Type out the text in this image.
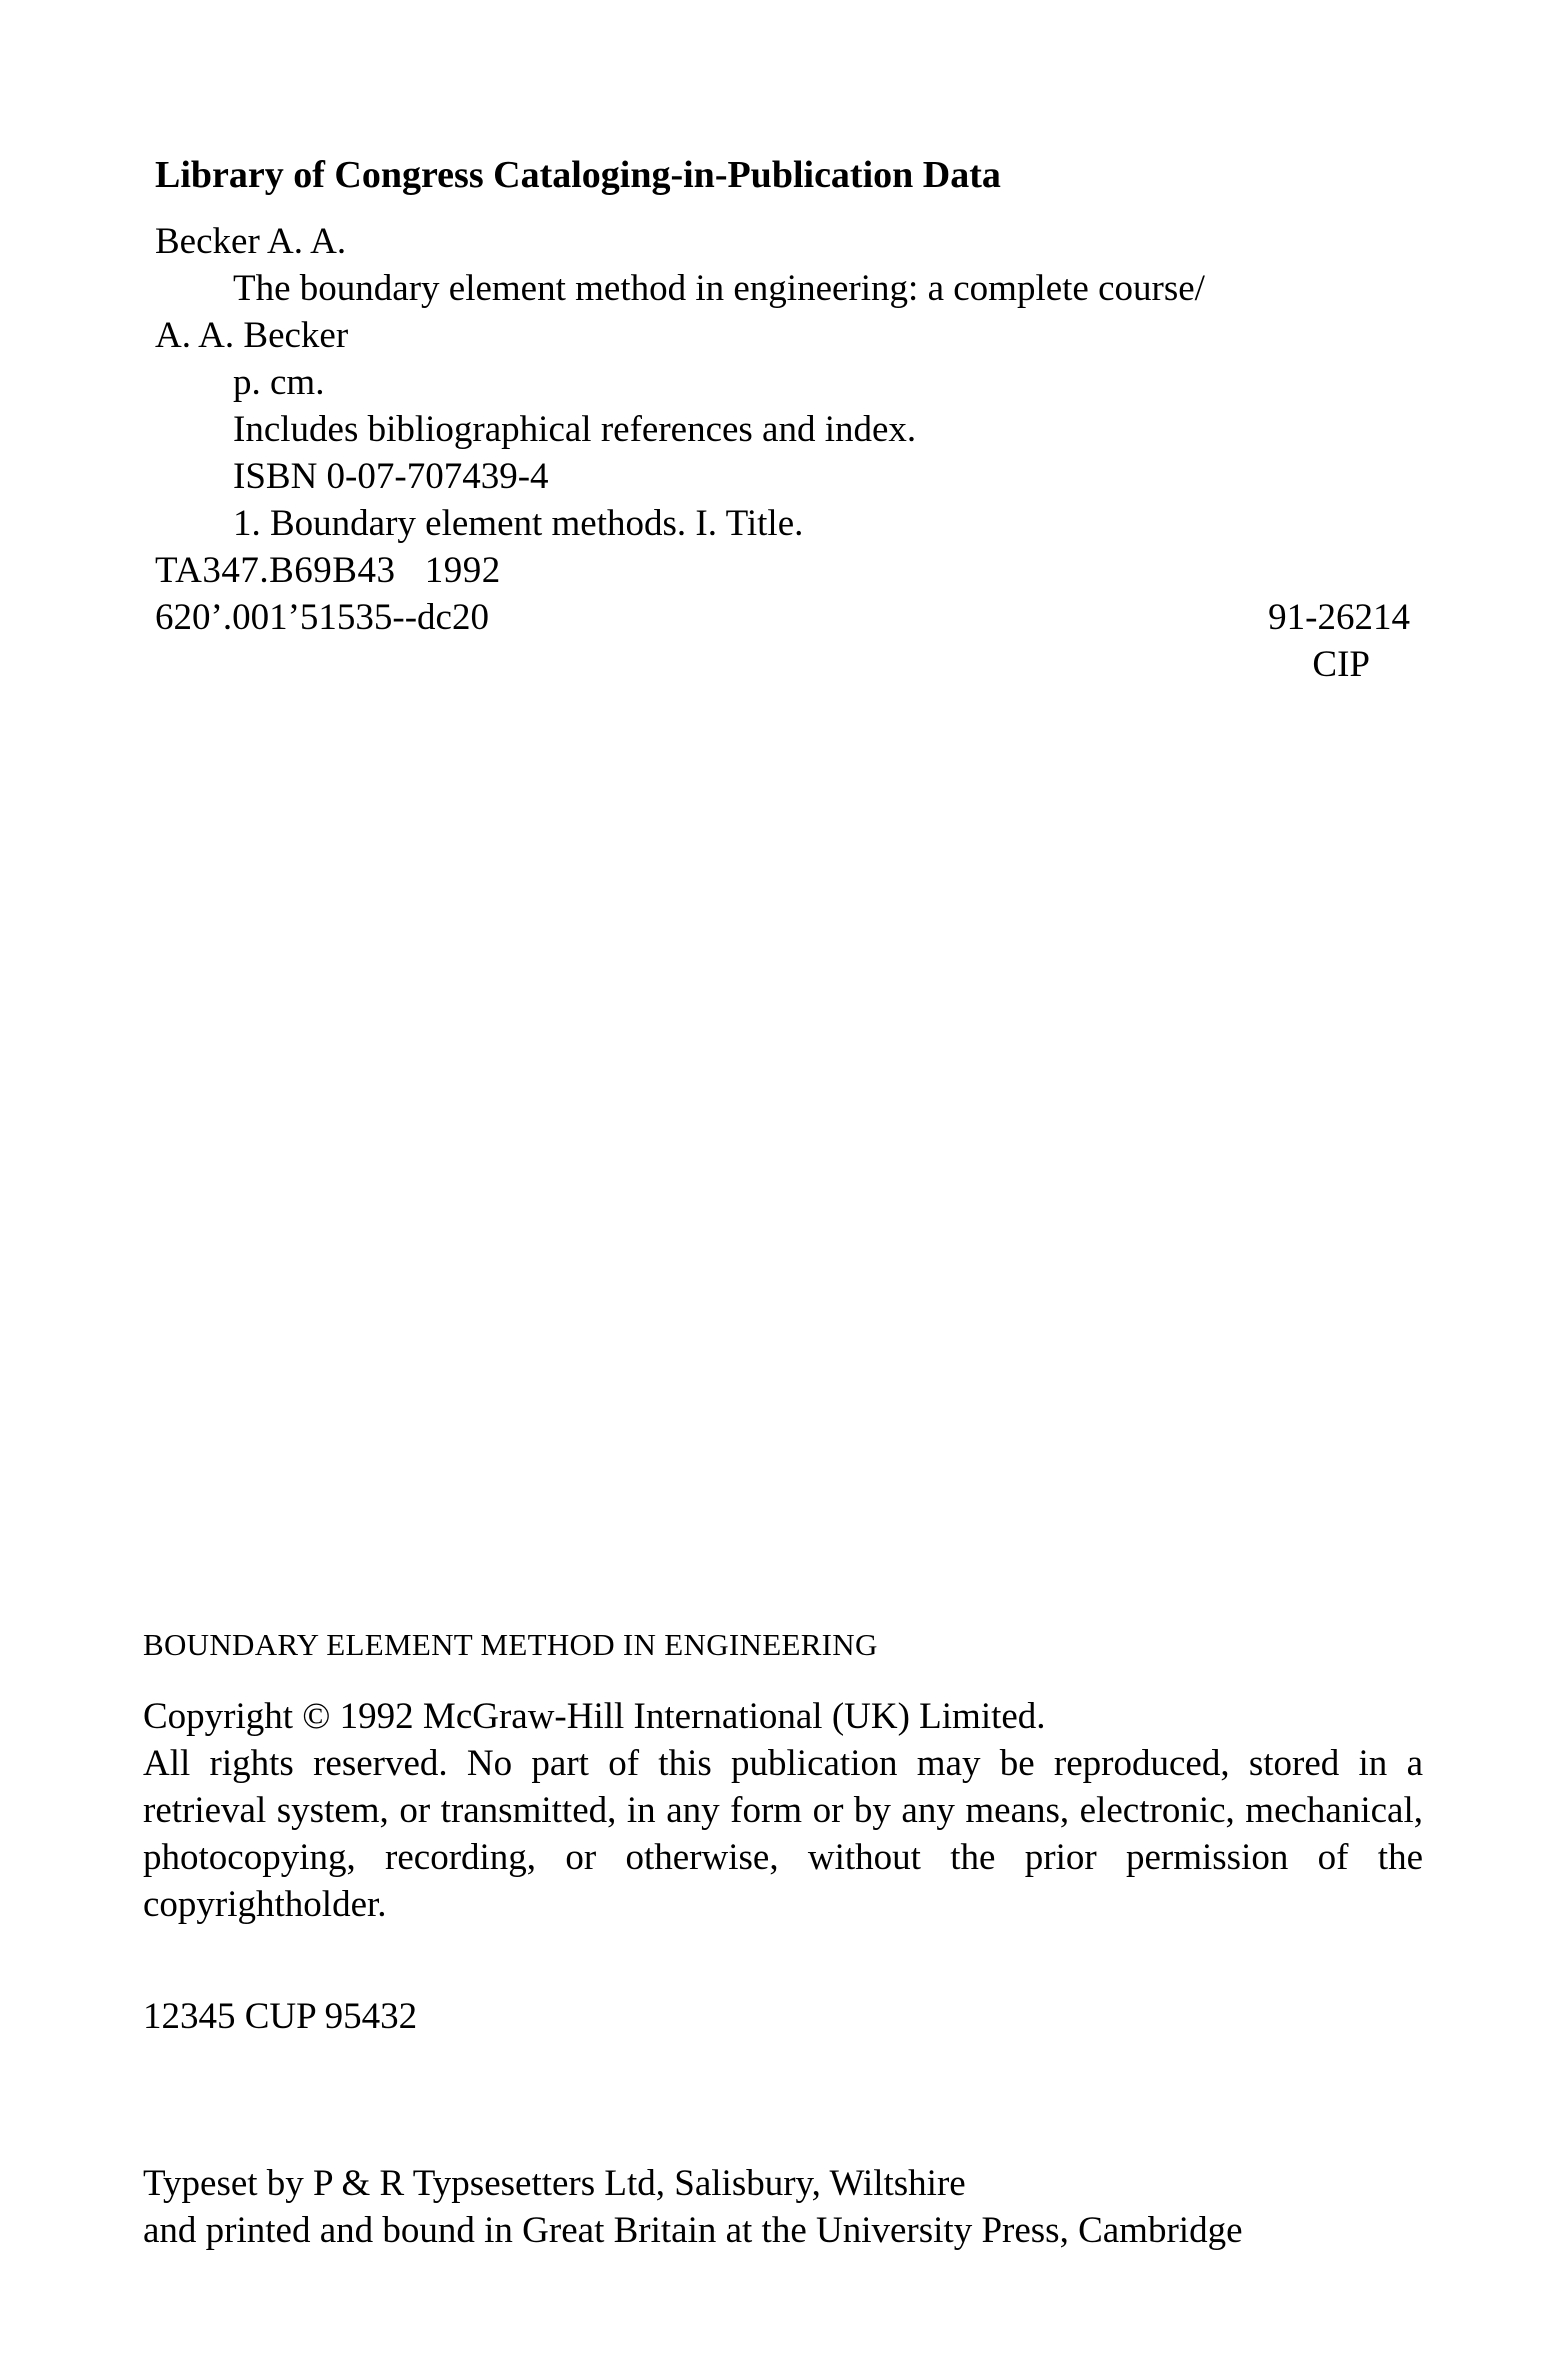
Library of Congress Cataloging-in-Publication Data
Becker A. A.
The boundary element method in engineering: a complete course/
A. A. Becker
p. cm.
Includes bibliographical references and index.
ISBN 0-07-707439-4
1. Boundary element methods. I. Title.
TA347.B69B43   1992
620’.001’51535--dc20	91-26214
CIP
BOUNDARY ELEMENT METHOD IN ENGINEERING
Copyright © 1992 McGraw-Hill International (UK) Limited.

All rights reserved. No part of this publication may be reproduced, stored in a retrieval system, or transmitted, in any form or by any means, electronic, mechanical, photocopying, recording, or otherwise, without the prior permission of the copyrightholder.

12345 CUP 95432
Typeset by P & R Typsesetters Ltd, Salisbury, Wiltshire
and printed and bound in Great Britain at the University Press, Cambridge
